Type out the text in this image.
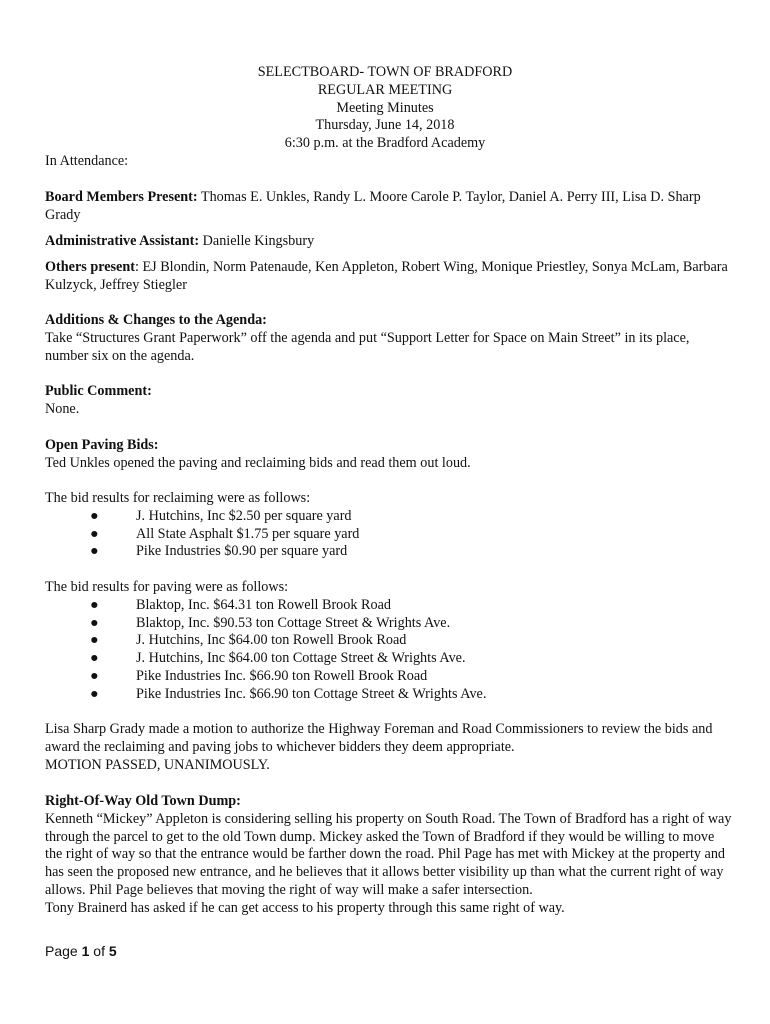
SELECTBOARD- TOWN OF BRADFORD

REGULAR MEETING

Meeting Minutes

Thursday, June 14, 2018

6:30 p.m. at the Bradford Academy

In Attendance:

Board Members Present: Thomas E. Unkles, Randy L. Moore Carole P. Taylor, Daniel A. Perry III, Lisa D. Sharp Grady

Administrative Assistant: Danielle Kingsbury

Others present: EJ Blondin, Norm Patenaude, Ken Appleton, Robert Wing, Monique Priestley, Sonya McLam, Barbara Kulzyck, Jeffrey Stiegler

Additions & Changes to the Agenda:

Take “Structures Grant Paperwork” off the agenda and put “Support Letter for Space on Main Street” in its place, number six on the agenda.

Public Comment:

None.

Open Paving Bids:

Ted Unkles opened the paving and reclaiming bids and read them out loud.

The bid results for reclaiming were as follows:

●	J. Hutchins, Inc $2.50 per square yard
●	All State Asphalt $1.75 per square yard
●	Pike Industries $0.90 per square yard

The bid results for paving were as follows:

●	Blaktop, Inc. $64.31 ton Rowell Brook Road
●	Blaktop, Inc. $90.53 ton Cottage Street & Wrights Ave.
●	J. Hutchins, Inc $64.00 ton Rowell Brook Road
●	J. Hutchins, Inc $64.00 ton Cottage Street & Wrights Ave.
●	Pike Industries Inc. $66.90 ton Rowell Brook Road
●	Pike Industries Inc. $66.90 ton Cottage Street & Wrights Ave.

Lisa Sharp Grady made a motion to authorize the Highway Foreman and Road Commissioners to review the bids and award the reclaiming and paving jobs to whichever bidders they deem appropriate.

MOTION PASSED, UNANIMOUSLY.

Right-Of-Way Old Town Dump:

Kenneth “Mickey” Appleton is considering selling his property on South Road. The Town of Bradford has a right of way through the parcel to get to the old Town dump. Mickey asked the Town of Bradford if they would be willing to move the right of way so that the entrance would be farther down the road. Phil Page has met with Mickey at the property and has seen the proposed new entrance, and he believes that it allows better visibility up than what the current right of way allows. Phil Page believes that moving the right of way will make a safer intersection.

Tony Brainerd has asked if he can get access to his property through this same right of way.

Page 1 of 5
